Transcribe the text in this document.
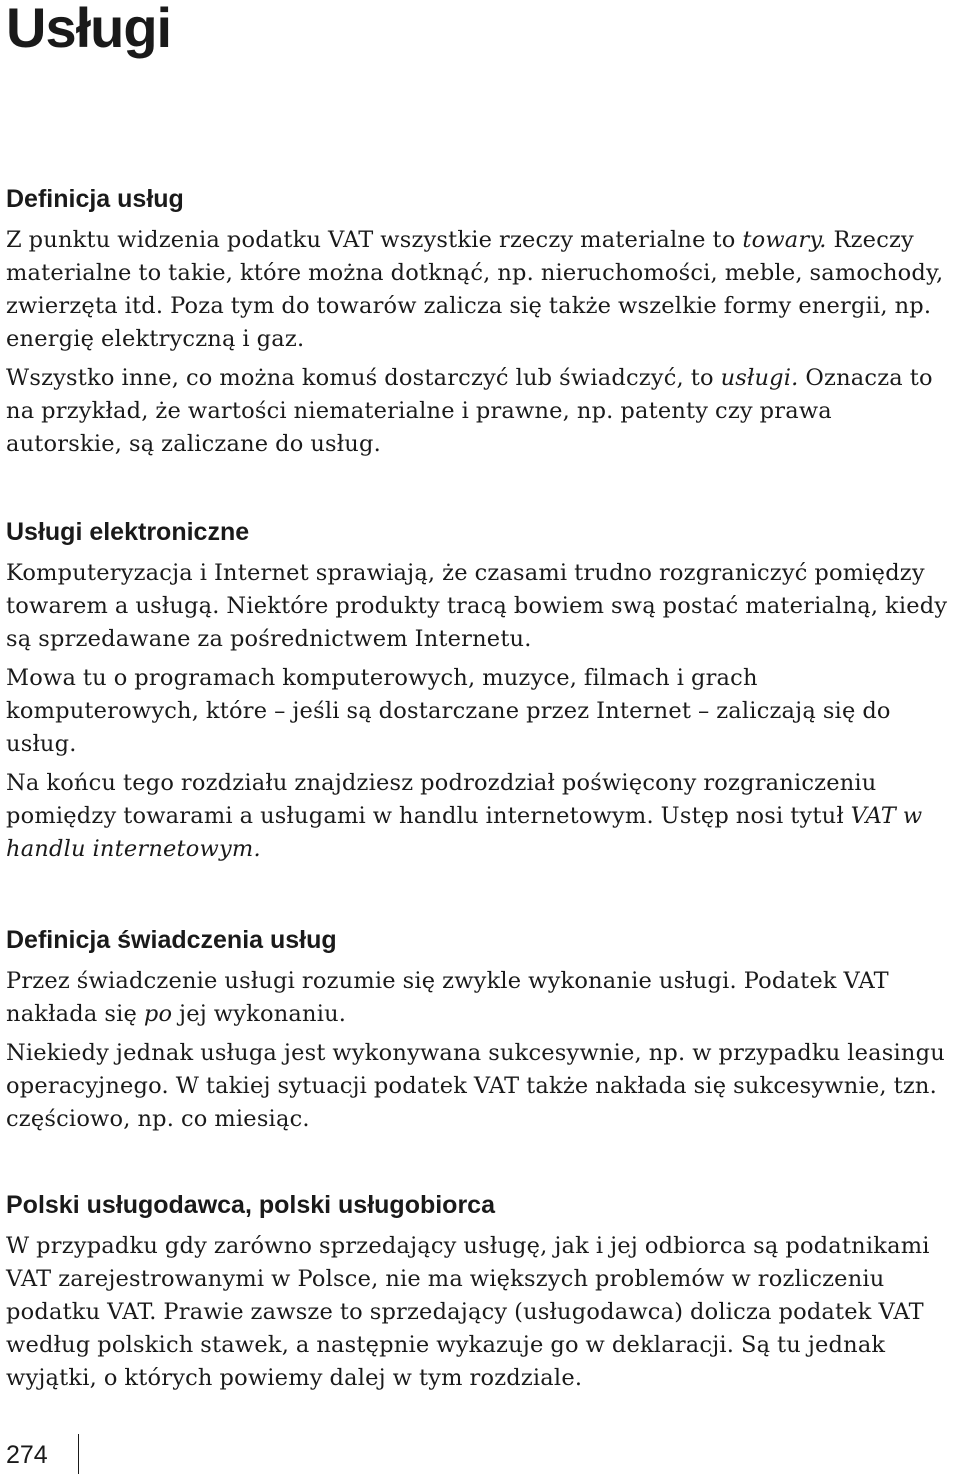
Usługi
Definicja usług

Z punktu widzenia podatku VAT wszystkie rzeczy materialne to towary. Rzeczy materialne to takie, które można dotknąć, np. nieruchomości, meble, samochody, zwierzęta itd. Poza tym do towarów zalicza się także wszelkie formy energii, np. energię elektryczną i gaz.

Wszystko inne, co można komuś dostarczyć lub świadczyć, to usługi. Oznacza to na przykład, że wartości niematerialne i prawne, np. patenty czy prawa autorskie, są zaliczane do usług.

Usługi elektroniczne

Komputeryzacja i Internet sprawiają, że czasami trudno rozgraniczyć pomiędzy towarem a usługą. Niektóre produkty tracą bowiem swą postać materialną, kiedy są sprzedawane za pośrednictwem Internetu.

Mowa tu o programach komputerowych, muzyce, filmach i grach komputerowych, które – jeśli są dostarczane przez Internet – zaliczają się do usług.

Na końcu tego rozdziału znajdziesz podrozdział poświęcony rozgraniczeniu pomiędzy towarami a usługami w handlu internetowym. Ustęp nosi tytuł VAT w handlu internetowym.

Definicja świadczenia usług

Przez świadczenie usługi rozumie się zwykle wykonanie usługi. Podatek VAT nakłada się po jej wykonaniu.

Niekiedy jednak usługa jest wykonywana sukcesywnie, np. w przypadku leasingu operacyjnego. W takiej sytuacji podatek VAT także nakłada się sukcesywnie, tzn. częściowo, np. co miesiąc.

Polski usługodawca, polski usługobiorca

W przypadku gdy zarówno sprzedający usługę, jak i jej odbiorca są podatnikami VAT zarejestrowanymi w Polsce, nie ma większych problemów w rozliczeniu podatku VAT. Prawie zawsze to sprzedający (usługodawca) dolicza podatek VAT według polskich stawek, a następnie wykazuje go w deklaracji. Są tu jednak wyjątki, o których powiemy dalej w tym rozdziale.

274
